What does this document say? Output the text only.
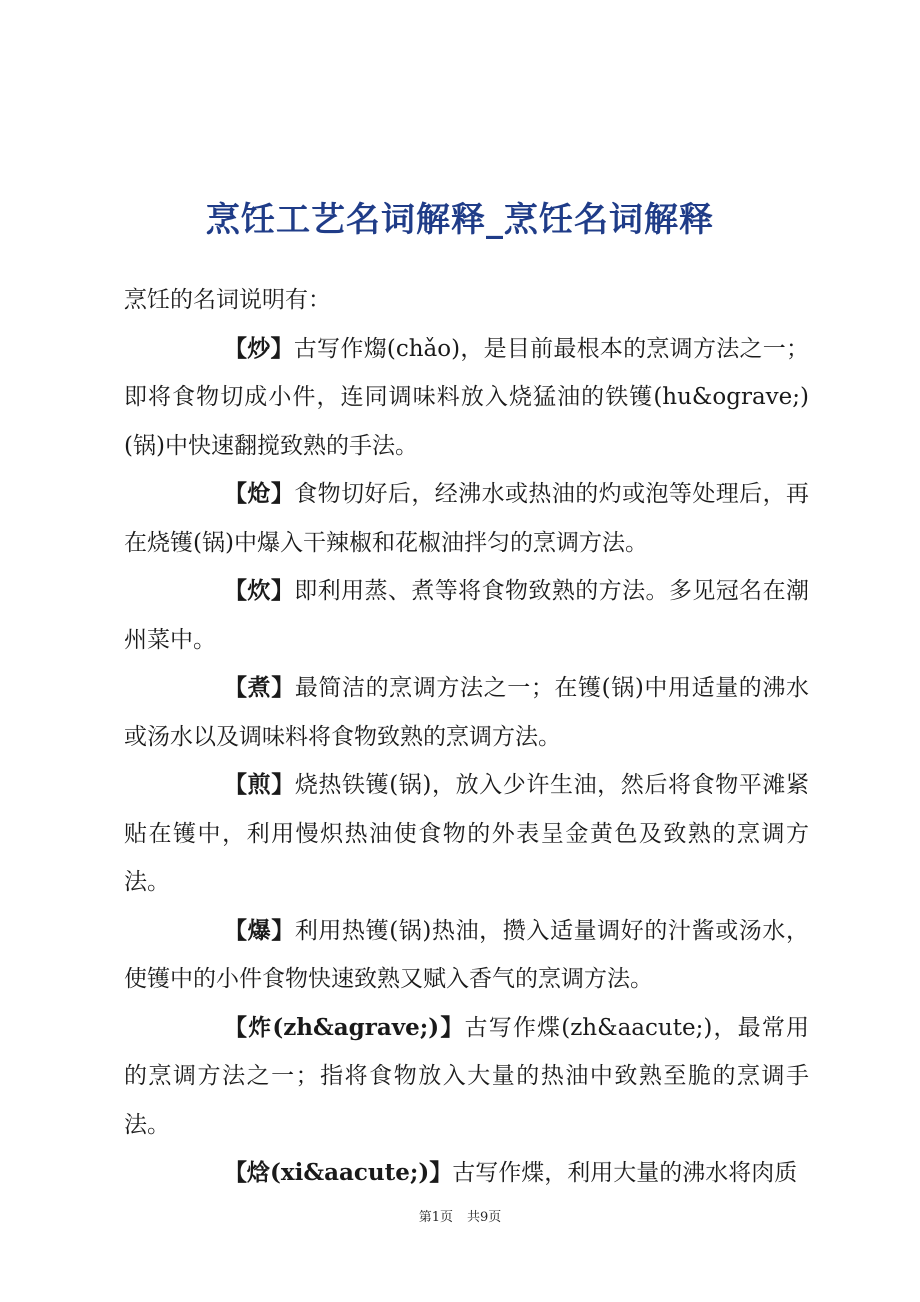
烹饪工艺名词解释_烹饪名词解释

烹饪的名词说明有：

【炒】古写作煼(chǎo)，是目前最根本的烹调方法之一；即将食物切成小件，连同调味料放入烧猛油的铁镬(hu&ograve;)(锅)中快速翻搅致熟的手法。

【炝】食物切好后，经沸水或热油的灼或泡等处理后，再在烧镬(锅)中爆入干辣椒和花椒油拌匀的烹调方法。

【炊】即利用蒸、煮等将食物致熟的方法。多见冠名在潮州菜中。

【煮】最简洁的烹调方法之一；在镬(锅)中用适量的沸水或汤水以及调味料将食物致熟的烹调方法。

【煎】烧热铁镬(锅)，放入少许生油，然后将食物平滩紧贴在镬中，利用慢炽热油使食物的外表呈金黄色及致熟的烹调方法。

【爆】利用热镬(锅)热油，攒入适量调好的汁酱或汤水，使镬中的小件食物快速致熟又赋入香气的烹调方法。

【炸(zh&agrave;)】古写作煠(zh&aacute;)，最常用的烹调方法之一；指将食物放入大量的热油中致熟至脆的烹调手法。

【焓(xi&aacute;)】古写作煠，利用大量的沸水将肉质

第1页 共9页
